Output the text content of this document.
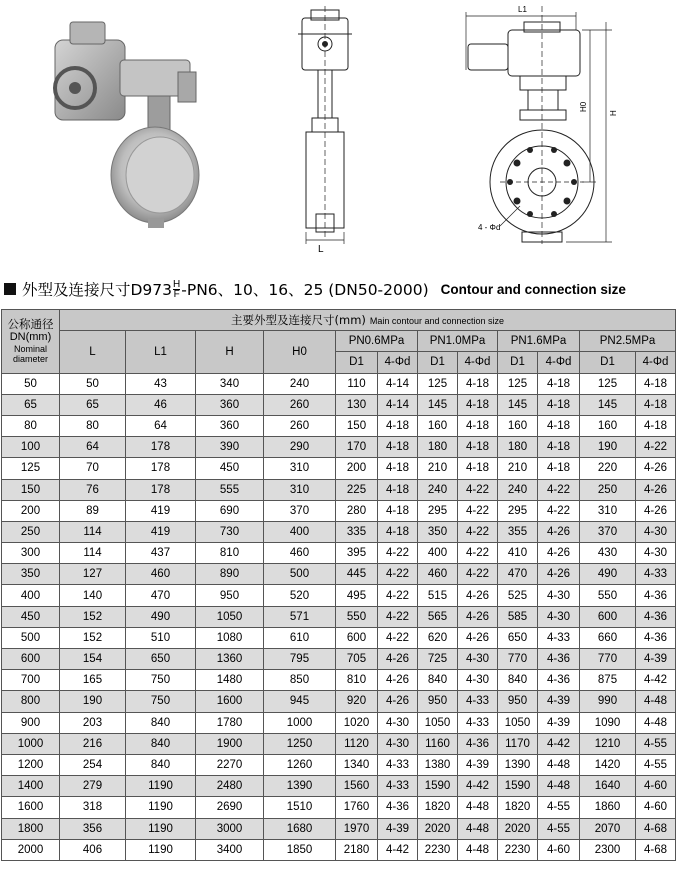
L
L1
H0
H
4 - Φd
外型及连接尺寸$D973 \frac{H}{F} -PN6$、10、16、25 (DN50-2000) Contour and connection size
公称通径
DN(mm)
Nominal
diameter	主要外型及连接尺寸(mm) Main contour and connection size											
	L	L1	H	H0	PN0.6MPa		PN1.0MPa		PN1.6MPa		PN2.5MPa	
					D1	4-Φd	D1	4-Φd	D1	4-Φd	D1	4-Φd
50	50	43	340	240	110	4-14	125	4-18	125	4-18	125	4-18
65	65	46	360	260	130	4-14	145	4-18	145	4-18	145	4-18
80	80	64	360	260	150	4-18	160	4-18	160	4-18	160	4-18
100	64	178	390	290	170	4-18	180	4-18	180	4-18	190	4-22
125	70	178	450	310	200	4-18	210	4-18	210	4-18	220	4-26
150	76	178	555	310	225	4-18	240	4-22	240	4-22	250	4-26
200	89	419	690	370	280	4-18	295	4-22	295	4-22	310	4-26
250	114	419	730	400	335	4-18	350	4-22	355	4-26	370	4-30
300	114	437	810	460	395	4-22	400	4-22	410	4-26	430	4-30
350	127	460	890	500	445	4-22	460	4-22	470	4-26	490	4-33
400	140	470	950	520	495	4-22	515	4-26	525	4-30	550	4-36
450	152	490	1050	571	550	4-22	565	4-26	585	4-30	600	4-36
500	152	510	1080	610	600	4-22	620	4-26	650	4-33	660	4-36
600	154	650	1360	795	705	4-26	725	4-30	770	4-36	770	4-39
700	165	750	1480	850	810	4-26	840	4-30	840	4-36	875	4-42
800	190	750	1600	945	920	4-26	950	4-33	950	4-39	990	4-48
900	203	840	1780	1000	1020	4-30	1050	4-33	1050	4-39	1090	4-48
1000	216	840	1900	1250	1120	4-30	1160	4-36	1170	4-42	1210	4-55
1200	254	840	2270	1260	1340	4-33	1380	4-39	1390	4-48	1420	4-55
1400	279	1190	2480	1390	1560	4-33	1590	4-42	1590	4-48	1640	4-60
1600	318	1190	2690	1510	1760	4-36	1820	4-48	1820	4-55	1860	4-60
1800	356	1190	3000	1680	1970	4-39	2020	4-48	2020	4-55	2070	4-68
2000	406	1190	3400	1850	2180	4-42	2230	4-48	2230	4-60	2300	4-68
